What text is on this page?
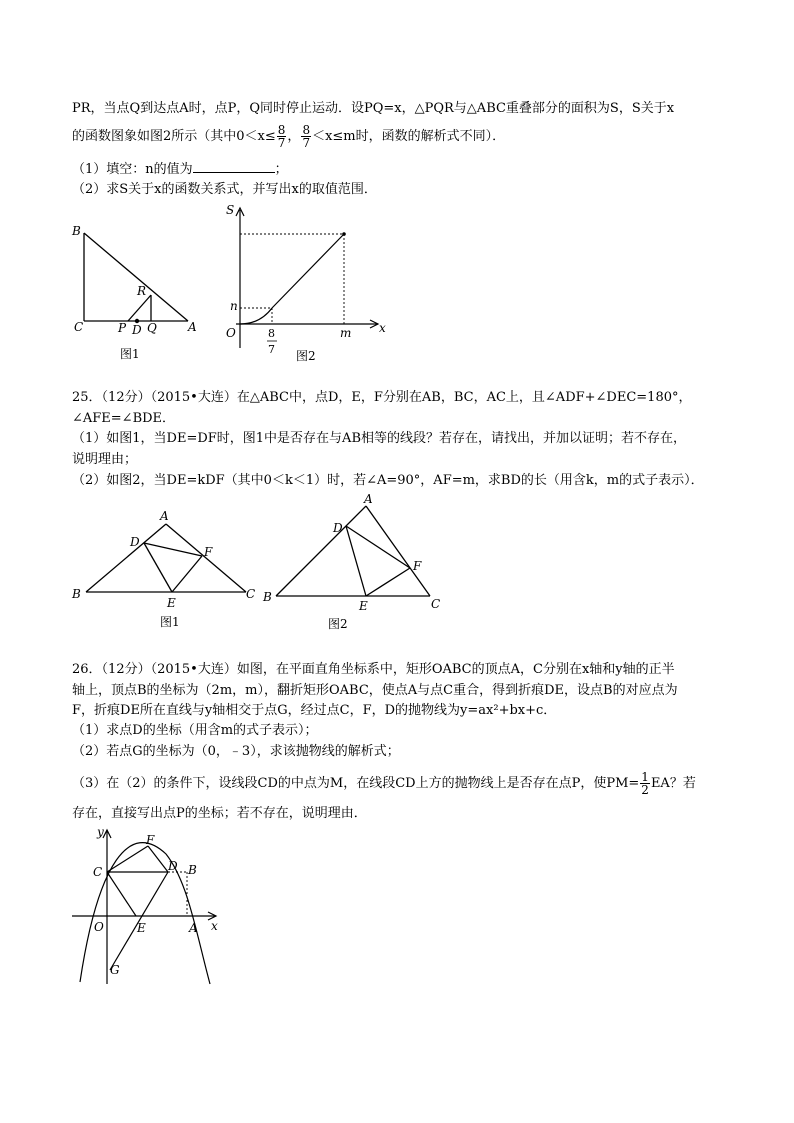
PR，当点Q到达点A时，点P，Q同时停止运动．设PQ=x，△PQR与△ABC重叠部分的面积为S，S关于x
的函数图象如图2所示（其中$0<x\le \frac{8}{7}$ ， $\frac{8}{7} <x\le m$时，函数的解析式不同）．
（1）填空：n的值为	；
（2）求S关于x的函数关系式，并写出x的取值范围．
B
C	A
R
P D Q
图1
S
x
O
n
m
8
7 图2
25．（12分）（2015•大连）在△ABC中，点D，E，F分别在AB，BC，AC上，且∠ADF+∠DEC=180°，
∠AFE=∠BDE．
（1）如图1，当DE=DF时，图1中是否存在与AB相等的线段？若存在，请找出，并加以证明；若不存在，
说明理由；
（2）如图2，当DE=kDF（其中0＜k＜1）时，若∠A=90°，AF=m，求BD的长（用含k，m的式子表示）．
A
B	C
D
E
F
图1
A
B	C
D
E
F
图2
26．（12分）（2015•大连）如图，在平面直角坐标系中，矩形OABC的顶点A，C分别在x轴和y轴的正半
轴上，顶点B的坐标为（2m，m），翻折矩形OABC，使点A与点C重合，得到折痕DE，设点B的对应点为
F，折痕DE所在直线与y轴相交于点G，经过点C，F，D的抛物线为y=ax²+bx+c．
（1）求点D的坐标（用含m的式子表示）；
（2）若点G的坐标为（0，﹣3），求该抛物线的解析式；
（3）在（2）的条件下，设线段CD的中点为M，在线段CD上方的抛物线上是否存在点P，使$PM= \frac{1}{2}$ EA？若
存在，直接写出点P的坐标；若不存在，说明理由．
y
x
F
C	D B
O	E	A
G
